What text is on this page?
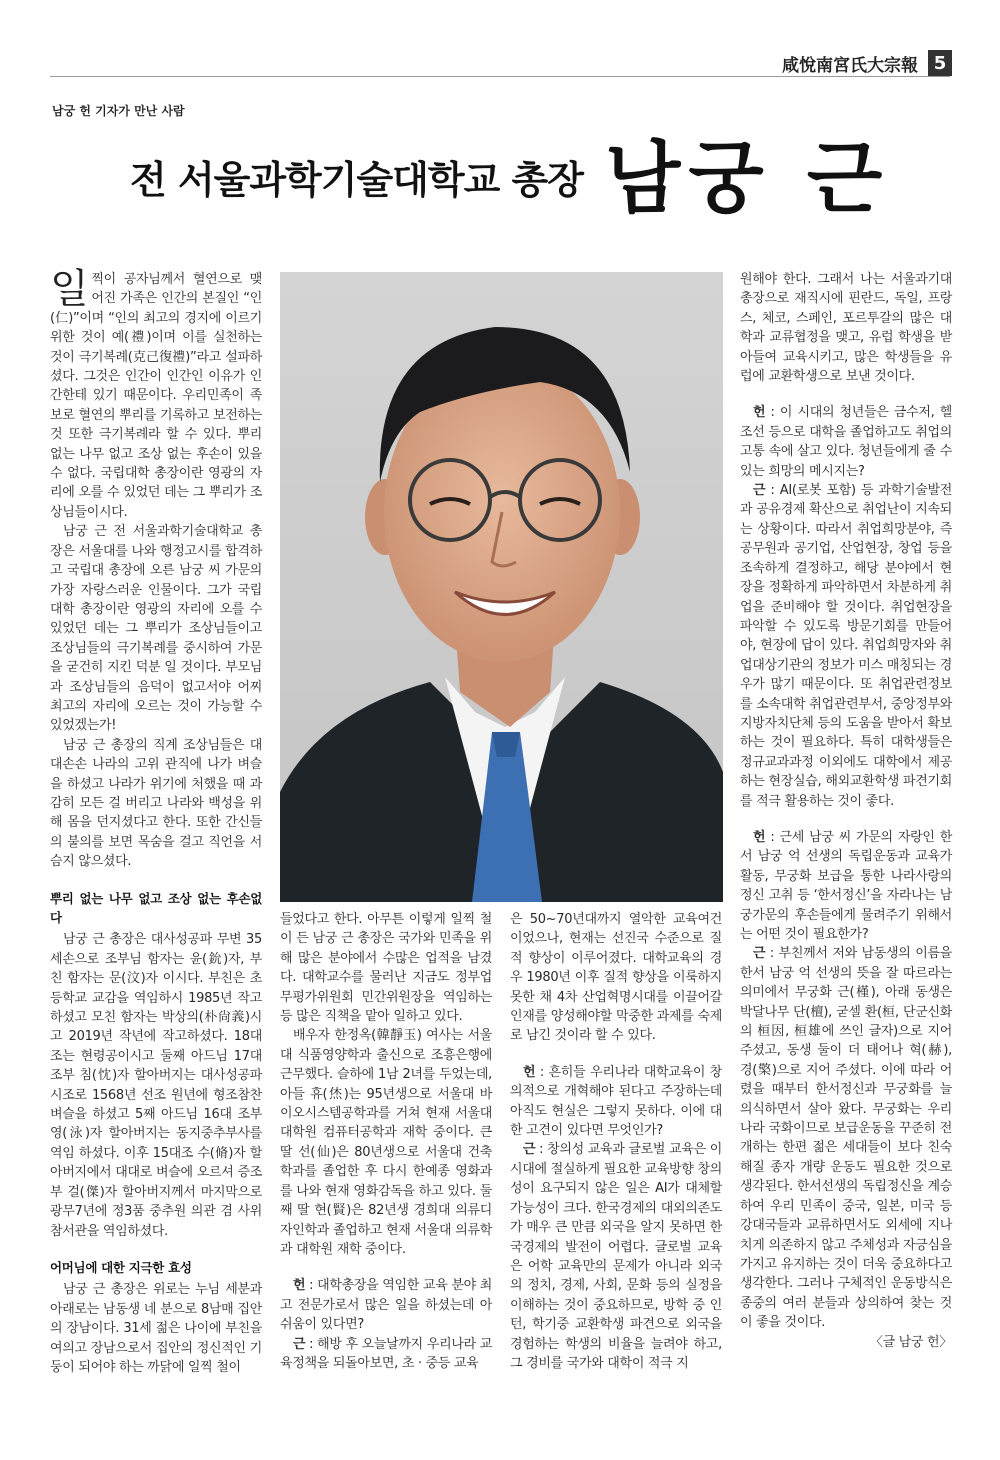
咸悅南宮氏大宗報 5
남궁 헌 기자가 만난 사람
전 서울과학기술대학교 총장 남궁 근

일찍이 공자님께서 혈연으로 맺어진 가족은 인간의 본질인 “인(仁)”이며 “인의 최고의 경지에 이르기 위한 것이 예(禮)이며 이를 실천하는 것이 극기복례(克己復禮)”라고 설파하셨다. 그것은 인간이 인간인 이유가 인간한테 있기 때문이다. 우리민족이 족보로 혈연의 뿌리를 기록하고 보전하는 것 또한 극기복례라 할 수 있다. 뿌리 없는 나무 없고 조상 없는 후손이 있을 수 없다. 국립대학 총장이란 영광의 자리에 오를 수 있었던 데는 그 뿌리가 조상님들이시다.

남궁 근 전 서울과학기술대학교 총장은 서울대를 나와 행정고시를 합격하고 국립대 총장에 오른 남궁 씨 가문의 가장 자랑스러운 인물이다. 그가 국립대학 총장이란 영광의 자리에 오를 수 있었던 데는 그 뿌리가 조상님들이고 조상님들의 극기복례를 중시하여 가문을 굳건히 지킨 덕분 일 것이다. 부모님과 조상님들의 음덕이 없고서야 어찌 최고의 자리에 오르는 것이 가능할 수 있었겠는가!

남궁 근 총장의 직계 조상님들은 대대손손 나라의 고위 관직에 나가 벼슬을 하셨고 나라가 위기에 처했을 때 과감히 모든 걸 버리고 나라와 백성을 위해 몸을 던지셨다고 한다. 또한 간신들의 불의를 보면 목숨을 걸고 직언을 서슴지 않으셨다.

뿌리 없는 나무 없고 조상 없는 후손없다

남궁 근 총장은 대사성공파 무변 35세손으로 조부님 함자는 윤(鈗)자, 부친 함자는 문(汶)자 이시다. 부친은 초등학교 교감을 역임하시 1985년 작고하셨고 모친 함자는 박상의(朴尙義)시고 2019년 작년에 작고하셨다. 18대조는 현령공이시고 둘째 아드님 17대 조부 침(忱)자 할아버지는 대사성공파 시조로 1568년 선조 원년에 형조참찬 벼슬을 하셨고 5째 아드님 16대 조부 영(泳)자 할아버지는 동지중추부사를 역임 하셨다. 이후 15대조 수(脩)자 할아버지에서 대대로 벼슬에 오르셔 증조부 걸(傑)자 할아버지께서 마지막으로 광무7년에 정3품 중추원 의관 겸 사위 참서관을 역임하셨다.

어머님에 대한 지극한 효성

남궁 근 총장은 위로는 누님 세분과 아래로는 남동생 네 분으로 8남매 집안의 장남이다. 31세 젊은 나이에 부친을 여의고 장남으로서 집안의 정신적인 기둥이 되어야 하는 까닭에 일찍 철이

들었다고 한다. 아무튼 이렇게 일찍 철이 든 남궁 근 총장은 국가와 민족을 위해 많은 분야에서 수많은 업적을 남겼다. 대학교수를 물러난 지금도 정부업무평가위원회 민간위원장을 역임하는 등 많은 직책을 맡아 일하고 있다.

배우자 한정옥(韓靜玉) 여사는 서울대 식품영양학과 출신으로 조흥은행에 근무했다. 슬하에 1남 2녀를 두었는데, 아들 휴(烋)는 95년생으로 서울대 바이오시스템공학과를 거쳐 현재 서울대 대학원 컴퓨터공학과 재학 중이다. 큰 딸 선(仙)은 80년생으로 서울대 건축학과를 졸업한 후 다시 한예종 영화과를 나와 현재 영화감독을 하고 있다. 둘째 딸 현(賢)은 82년생 경희대 의류디자인학과 졸업하고 현재 서울대 의류학과 대학원 재학 중이다.

헌 : 대학총장을 역임한 교육 분야 최고 전문가로서 많은 일을 하셨는데 아쉬움이 있다면?

근 : 해방 후 오늘날까지 우리나라 교육정책을 되돌아보면, 초 · 중등 교육

은 50~70년대까지 열악한 교육여건이었으나, 현재는 선진국 수준으로 질적 향상이 이루어졌다. 대학교육의 경우 1980년 이후 질적 향상을 이룩하지 못한 채 4차 산업혁명시대를 이끌어갈 인재를 양성해야할 막중한 과제를 숙제로 남긴 것이라 할 수 있다.

헌 : 흔히들 우리나라 대학교육이 창의적으로 개혁해야 된다고 주장하는데 아직도 현실은 그렇지 못하다. 이에 대한 고견이 있다면 무엇인가?

근 : 창의성 교육과 글로벌 교육은 이 시대에 절실하게 필요한 교육방향 창의성이 요구되지 않은 일은 AI가 대체할 가능성이 크다. 한국경제의 대외의존도가 매우 큰 만큼 외국을 알지 못하면 한국경제의 발전이 어렵다. 글로벌 교육은 어학 교육만의 문제가 아니라 외국의 정치, 경제, 사회, 문화 등의 실정을 이해하는 것이 중요하므로, 방학 중 인턴, 학기중 교환학생 파견으로 외국을 경험하는 학생의 비율을 늘려야 하고, 그 경비를 국가와 대학이 적극 지

원해야 한다. 그래서 나는 서울과기대 총장으로 재직시에 핀란드, 독일, 프랑스, 체코, 스페인, 포르투갈의 많은 대학과 교류협정을 맺고, 유럽 학생을 받아들여 교육시키고, 많은 학생들을 유럽에 교환학생으로 보낸 것이다.

헌 : 이 시대의 청년들은 금수저, 헬조선 등으로 대학을 졸업하고도 취업의 고통 속에 살고 있다. 청년들에게 줄 수 있는 희망의 메시지는?

근 : AI(로봇 포함) 등 과학기술발전과 공유경제 확산으로 취업난이 지속되는 상황이다. 따라서 취업희망분야, 즉 공무원과 공기업, 산업현장, 창업 등을 조속하게 결정하고, 해당 분야에서 현장을 정확하게 파악하면서 차분하게 취업을 준비해야 할 것이다. 취업현장을 파악할 수 있도록 방문기회를 만들어야, 현장에 답이 있다. 취업희망자와 취업대상기관의 정보가 미스 매칭되는 경우가 많기 때문이다. 또 취업관련정보를 소속대학 취업관련부서, 중앙정부와 지방자치단체 등의 도움을 받아서 확보하는 것이 필요하다. 특히 대학생들은 정규교과과정 이외에도 대학에서 제공하는 현장실습, 해외교환학생 파견기회를 적극 활용하는 것이 좋다.

헌 : 근세 남궁 씨 가문의 자랑인 한서 남궁 억 선생의 독립운동과 교육가 활동, 무궁화 보급을 통한 나라사랑의 정신 고취 등 ‘한서정신’을 자라나는 남궁가문의 후손들에게 물려주기 위해서는 어떤 것이 필요한가?

근 : 부친께서 저와 남동생의 이름을 한서 남궁 억 선생의 뜻을 잘 따르라는 의미에서 무궁화 근(槿), 아래 동생은 박달나무 단(檀), 굳셀 환(桓, 단군신화의 桓因, 桓雄에 쓰인 글자)으로 지어 주셨고, 동생 둘이 더 태어나 혁(赫), 경(檠)으로 지어 주셨다. 이에 따라 어렸을 때부터 한서정신과 무궁화를 늘 의식하면서 살아 왔다. 무궁화는 우리나라 국화이므로 보급운동을 꾸준히 전개하는 한편 젊은 세대들이 보다 친숙해질 종자 개량 운동도 필요한 것으로 생각된다. 한서선생의 독립정신을 계승하여 우리 민족이 중국, 일본, 미국 등 강대국들과 교류하면서도 외세에 지나치게 의존하지 않고 주체성과 자긍심을 가지고 유지하는 것이 더욱 중요하다고 생각한다. 그러나 구체적인 운동방식은 종중의 여러 분들과 상의하여 찾는 것이 좋을 것이다.

〈글 남궁 헌〉
